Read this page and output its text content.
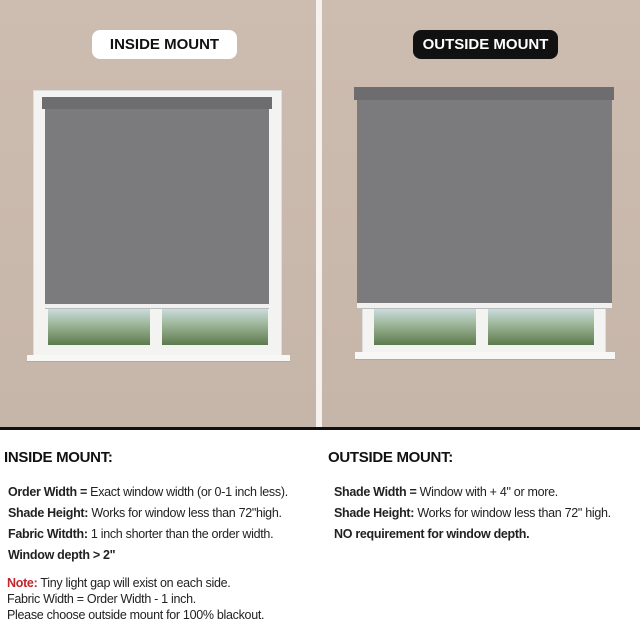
INSIDE MOUNT	OUTSIDE MOUNT
INSIDE MOUNT:
Order Width = Exact window width (or 0-1 inch less).
Shade Height: Works for window less than 72"high.
Fabric Witdth: 1 inch shorter than the order width.
Window depth > 2"
Note: Tiny light gap will exist on each side.
Fabric Width = Order Width - 1 inch.
Please choose outside mount for 100% blackout.
OUTSIDE MOUNT:
Shade Width = Window with + 4" or more.
Shade Height: Works for window less than 72" high.
NO requirement for window depth.
